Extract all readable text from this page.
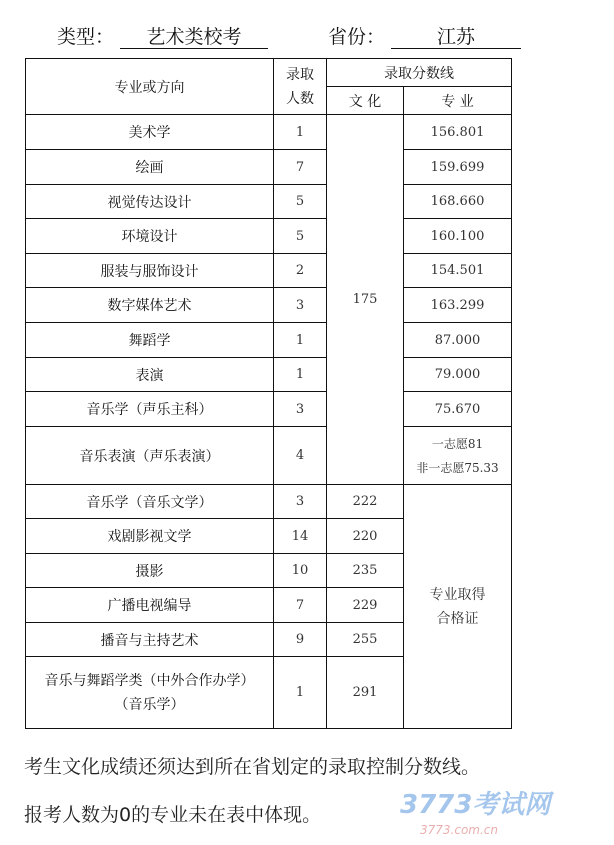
类型： 艺术类校考	省份：	江苏
专业或方向	录取人数	录取分数线	
		文 化	专 业
美术学	1	175	156.801
绘画	7		159.699
视觉传达设计	5		168.660
环境设计	5		160.100
服装与服饰设计	2		154.501
数字媒体艺术	3		163.299
舞蹈学	1		87.000
表演	1		79.000
音乐学（声乐主科）	3		75.670
音乐表演（声乐表演）	4		一志愿81
非一志愿75.33

音乐学（音乐文学）	3	222	专业取得合格证
戏剧影视文学	14	220	
摄影	10	235	
广播电视编导	7	229	
播音与主持艺术	9	255	

音乐与舞蹈学类（中外合作办学）
（音乐学）	1	291	
考生文化成绩还须达到所在省划定的录取控制分数线。
报考人数为0的专业未在表中体现。	3773考试网
3773.com.cn
